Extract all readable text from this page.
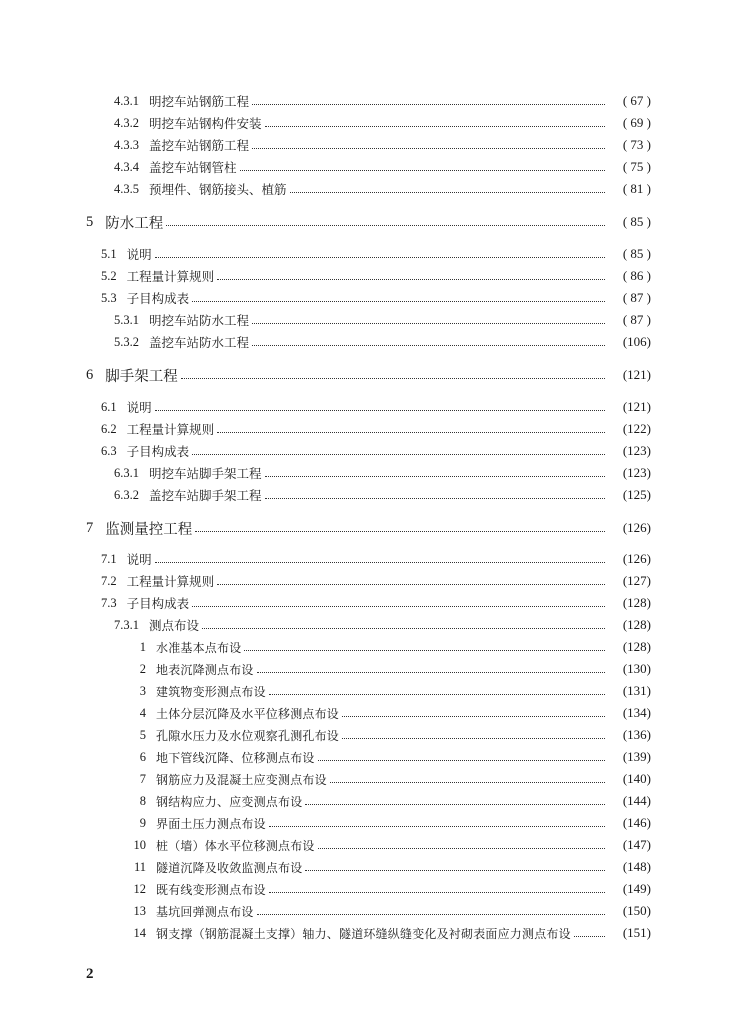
4.3.1 明挖车站钢筋工程	( 67 )
4.3.2 明挖车站钢构件安装	( 69 )
4.3.3 盖挖车站钢筋工程	( 73 )
4.3.4 盖挖车站钢管柱	( 75 )
4.3.5 预埋件、钢筋接头、植筋	( 81 )
5 防水工程	( 85 )
5.1 说明	( 85 )
5.2 工程量计算规则	( 86 )
5.3 子目构成表	( 87 )
5.3.1 明挖车站防水工程	( 87 )
5.3.2 盖挖车站防水工程	(106)
6 脚手架工程	(121)
6.1 说明	(121)
6.2 工程量计算规则	(122)
6.3 子目构成表	(123)
6.3.1 明挖车站脚手架工程	(123)
6.3.2 盖挖车站脚手架工程	(125)
7 监测量控工程	(126)
7.1 说明	(126)
7.2 工程量计算规则	(127)
7.3 子目构成表	(128)
7.3.1 测点布设	(128)
1 水准基本点布设	(128)
2 地表沉降测点布设	(130)
3 建筑物变形测点布设	(131)
4 土体分层沉降及水平位移测点布设	(134)
5 孔隙水压力及水位观察孔测孔布设	(136)
6 地下管线沉降、位移测点布设	(139)
7 钢筋应力及混凝土应变测点布设	(140)
8 钢结构应力、应变测点布设	(144)
9 界面土压力测点布设	(146)
10 桩（墙）体水平位移测点布设	(147)
11 隧道沉降及收敛监测点布设	(148)
12 既有线变形测点布设	(149)
13 基坑回弹测点布设	(150)
14 钢支撑（钢筋混凝土支撑）轴力、隧道环缝纵缝变化及衬砌表面应力测点布设	(151)
2
